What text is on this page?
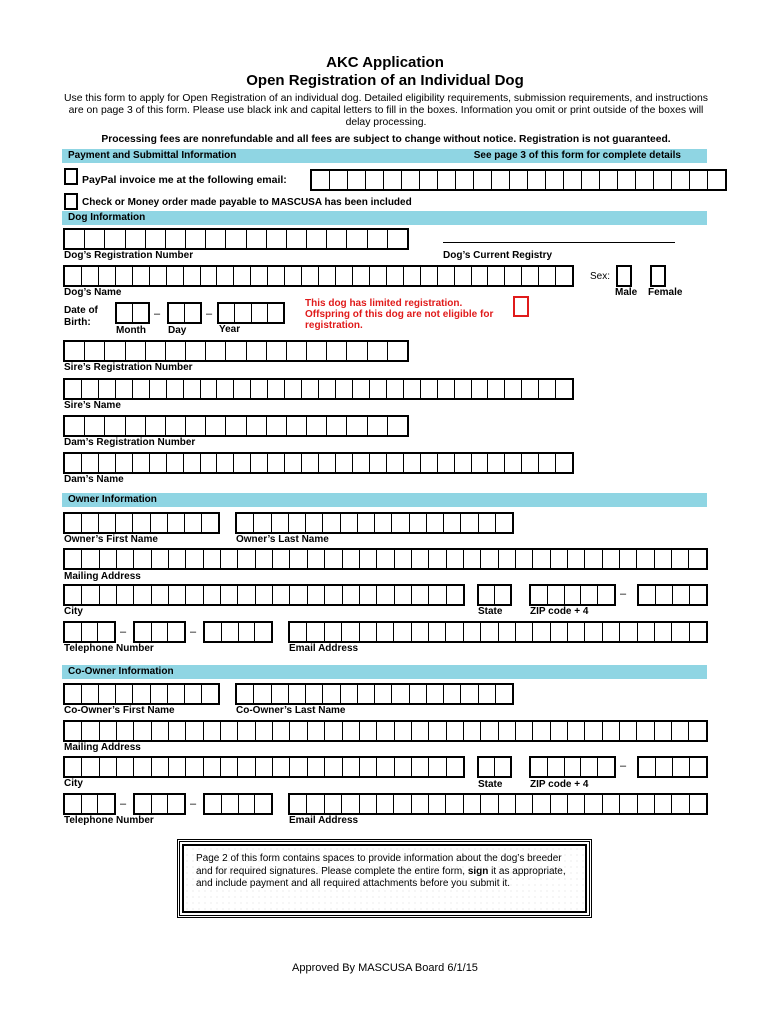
AKC Application
Open Registration of an Individual Dog
Use this form to apply for Open Registration of an individual dog. Detailed eligibility requirements, submission requirements, and instructions
are on page 3 of this form. Please use black ink and capital letters to fill in the boxes. Information you omit or print outside of the boxes will
delay processing.
Processing fees are nonrefundable and all fees are subject to change without notice. Registration is not guaranteed.
Payment and Submittal Information	See page 3 of this form for complete details
PayPal invoice me at the following email:
Check or Money order made payable to MASCUSA has been included
Dog Information
Dog’s Registration Number	Dog’s Current Registry
Dog’s Name
Sex:
Male Female
Date of
Birth:
–	–
Month Day	Year
This dog has limited registration.
Offspring of this dog are not eligible for
registration.
Sire’s Registration Number
Sire’s Name
Dam’s Registration Number
Dam’s Name
Owner Information
Owner’s First Name	Owner’s Last Name
Mailing Address
City	State
–
ZIP code + 4
–	–
Telephone Number	Email Address
Co-Owner Information
Co-Owner’s First Name	Co-Owner’s Last Name
Mailing Address
City	State
–
ZIP code + 4
–	–
Telephone Number	Email Address
Page 2 of this form contains spaces to provide information about the dog’s breeder and for required signatures. Please complete the entire form, sign it as appropriate, and include payment and all required attachments before you submit it.
Approved By MASCUSA Board 6/1/15
